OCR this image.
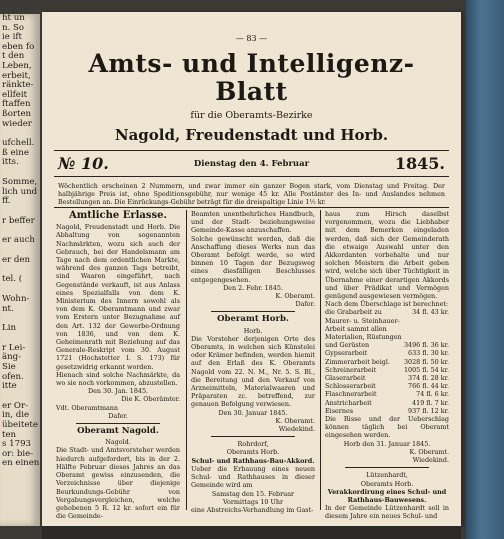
ht un
n. So
ie ift
eben fo
t den
Leben,
erbeit,
ränkte-
ellfeit
ftaffen
ßorten
wieder
ufchell.
ß eine
itts.
Somme,
lich und
ff.
r beffer
er auch
er den
tel. (
Wohn-
nt.
Lin
r Lei-
äng-
Sie
ofen.
itte
er Or-
in, die
übeitete
ten
s 1793
or: bie-
en einen
— 83 —
Amts- und Intelligenz-Blatt
für die Oberamts-Bezirke
Nagold, Freudenstadt und Horb.
№ 10.	Dienstag den 4. Februar	1845.
Wöchentlich erscheinen 2 Nummern, und zwar immer ein ganzer Bogen stark, vom Dienstag und Freitag. Der halbjährige Preis ist, ohne Speditionsgebühr, nur wenige 45 kr. Alle Postämter des In- und Auslandes nehmen Bestellungen an. Die Einrückungs-Gebühr beträgt für die dreispaltige Linie 1½ kr.
Amtliche Erlasse.

Nagold, Freudenstadt und Horb. Die Abhaltung von sogenannten Nachmärkten, wozu sich auch der Gebrauch, bei der Handelsmann am Tage nach dem ordentlichen Markte, während des ganzen Tags betreibt, sind Waaren eingeführt, nach Gegenstände verkauft, ist aus Anlass eines Spezialfalls von dem K. Ministerium des Innern sowohl als von dem K. Oberamtmann und zwar vom Erstern unter Bezugnahme auf den Art. 132 der Gewerbe-Ordnung von 1836, und von dem K. Geheimenrath mit Beziehung auf das Generale-Reskript vom 30. August 1721 (Hochstetter I. S. 173) für gesetzwidrig erkannt worden.

Hienach sind solche Nachmärkte, da wo sie noch vorkommen, abzustellen.

Den 30. Jan. 1845.

Die K. Oberämter.

Vdt. Oberamtmann

Dafer.

Oberamt Nagold.

Nagold.

Die Stadt- und Amtsvorsteher werden hiedurch aufgefordert, bis in der 2. Hälfte Februar dieses Jahres an das Oberamt gewiss einzusenden, die Verzeichnisse über diejenige Beurkundungs-Gebühr von Vergabungsvergleichen, welche gehobenen 5 R. 12 kr. sofort ein für die Gemeinde-

Beamten unentbehrliches Handbuch, und der Stadt- beziehungsweise Gemeinde-Kasse anzuschaffen.

Solche gewünscht werden, daß die Anschaffung dieses Werks nun das Oberamt befolgt werde, so wird binnen 10 Tagen der Bezugsweg eines diesfälligen Beschlusses entgegengesehen.

Den 2. Febr. 1845.

K. Oberamt.

Dafer.

Oberamt Horb.

Horb.

Die Vorsteher derjenigen Orte des Oberamts, in welchen sich Künstelei oder Krämer befinden, werden hiemit auf den Erlaß des K. Oberamts Nagold vom 22. N. M., Nr. 5. S. Bl., die Bereitung und den Verkauf von Arzneimitteln, Materialwaaren und Präparaten zc. betreffend, zur genauen Befolgung verwiesen.

Den 30. Januar 1845.

K. Oberamt.

Wiedekind.

Rohrdorf,

Oberamts Horb.

Schul- und Rathhaus-Bau-Akkord.

Ueber die Erbauung eines neuen Schul- und Rathhauses in dieser Gemeinde wird am

Samstag den 15. Februar

Vormittags 10 Uhr

eine Abstreichs-Verhandlung im Gast-

haus zum Hirsch daselbst vorgenommen, wozu die Liebhaber mit dem Bemerken eingeladen werden, daß sich der Gemeinderath die etwaige Auswahl unter den Akkordanten vorbehalte und nur solchen Meistern die Arbeit geben wird, welche sich über Tüchtigkeit in Übernahme einer derartigen Akkords und über Prädikat und Vermögen genügend ausgewiesen vermögen.

Nach dem Überschlage ist berechnet:

die Grabarbeit zu	34 fl. 43 kr.
Maurer- u. Steinhauer-	
Arbeit sammt allen	
Materialien, Rüstungen	
und Gerüsten	3496 fl. 36 kr.
Gypserarbeit	633 fl. 30 kr.
Zimmerarbeit beigl.	3028 fl. 50 kr.
Schreinerarbeit	1005 fl. 54 kr.
Glaserarbeit	374 fl. 28 kr.
Schlosserarbeit	766 fl. 44 kr.
Flaschnerarbeit	74 fl. 6 kr.
Anstricharbeit	419 fl. 7 kr.
Eisernes	937 fl. 12 kr.

Die Risse und der Ueberschlag können täglich bei Oberamt eingesehen werden.

Horb den 31. Januar 1845.

K. Oberamt.

Wiedekind.

Lützenhardt,

Oberamts Horb.

Verakkordirung eines Schul- und Rathhaus-Bauwesens.

In der Gemeinde Lützenhardt soll in diesem Jahre ein neues Schul- und
